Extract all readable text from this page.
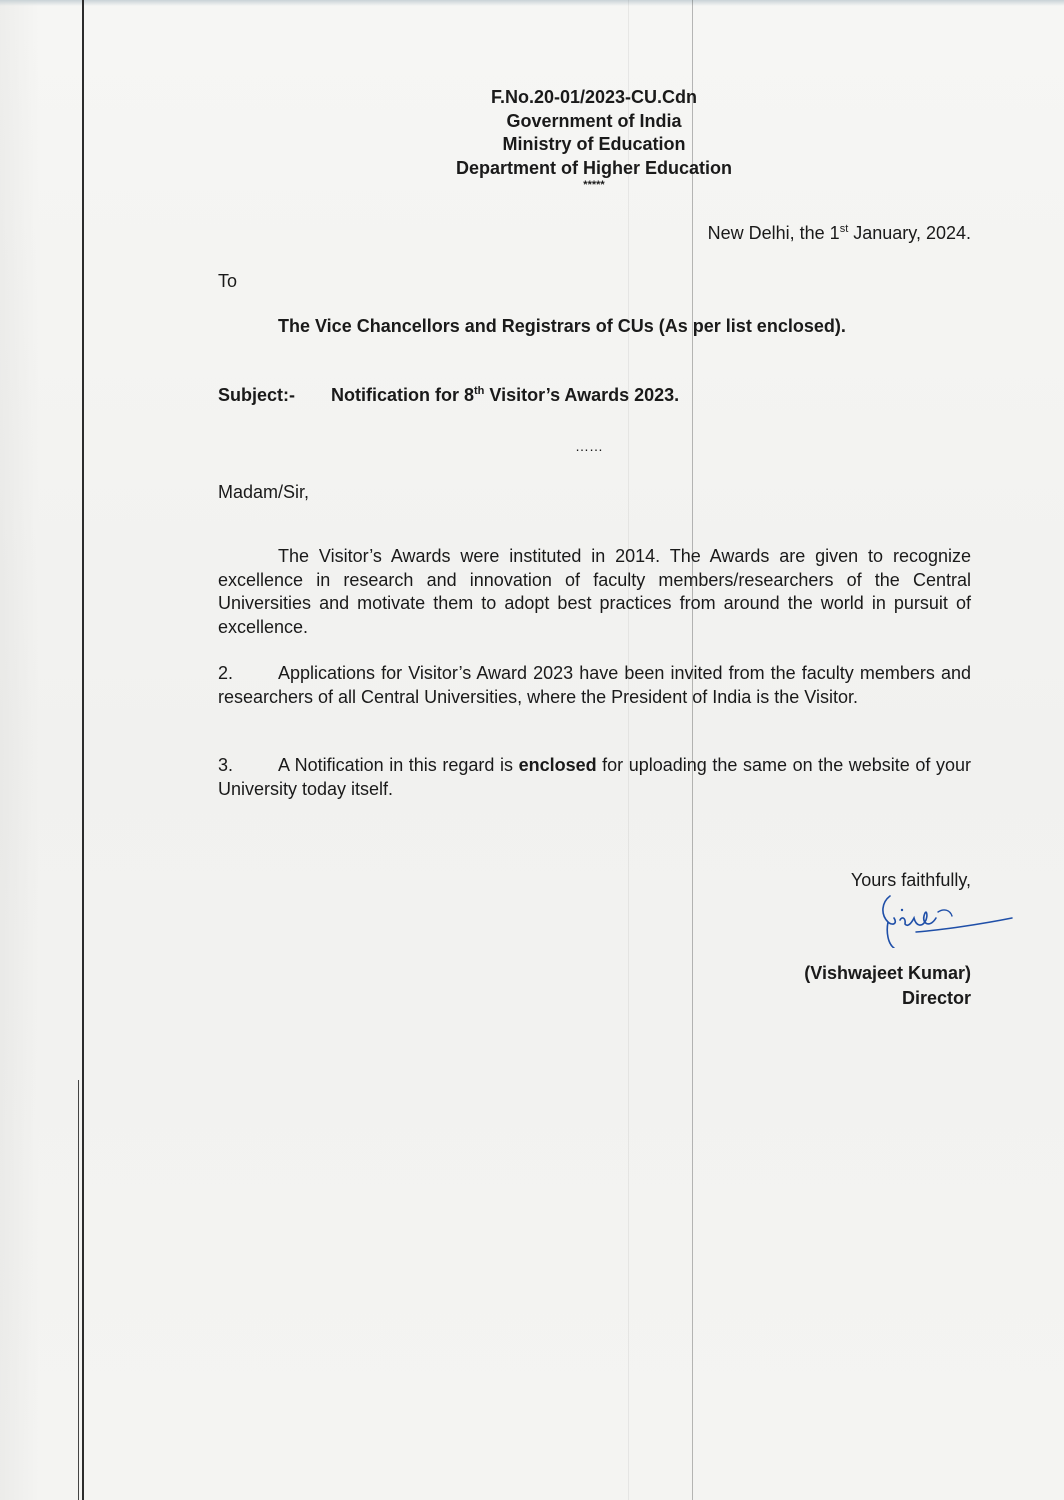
F.No.20-01/2023-CU.Cdn
Government of India
Ministry of Education
Department of Higher Education
*****
New Delhi, the 1st January, 2024.
To
The Vice Chancellors and Registrars of CUs (As per list enclosed).
Subject:- Notification for 8th Visitor’s Awards 2023.
……
Madam/Sir,
The Visitor’s Awards were instituted in 2014. The Awards are given to recognize excellence in research and innovation of faculty members/researchers of the Central Universities and motivate them to adopt best practices from around the world in pursuit of excellence.
2. Applications for Visitor’s Award 2023 have been invited from the faculty members and researchers of all Central Universities, where the President of India is the Visitor.
3. A Notification in this regard is enclosed for uploading the same on the website of your University today itself.
Yours faithfully,
(Vishwajeet Kumar)
Director
